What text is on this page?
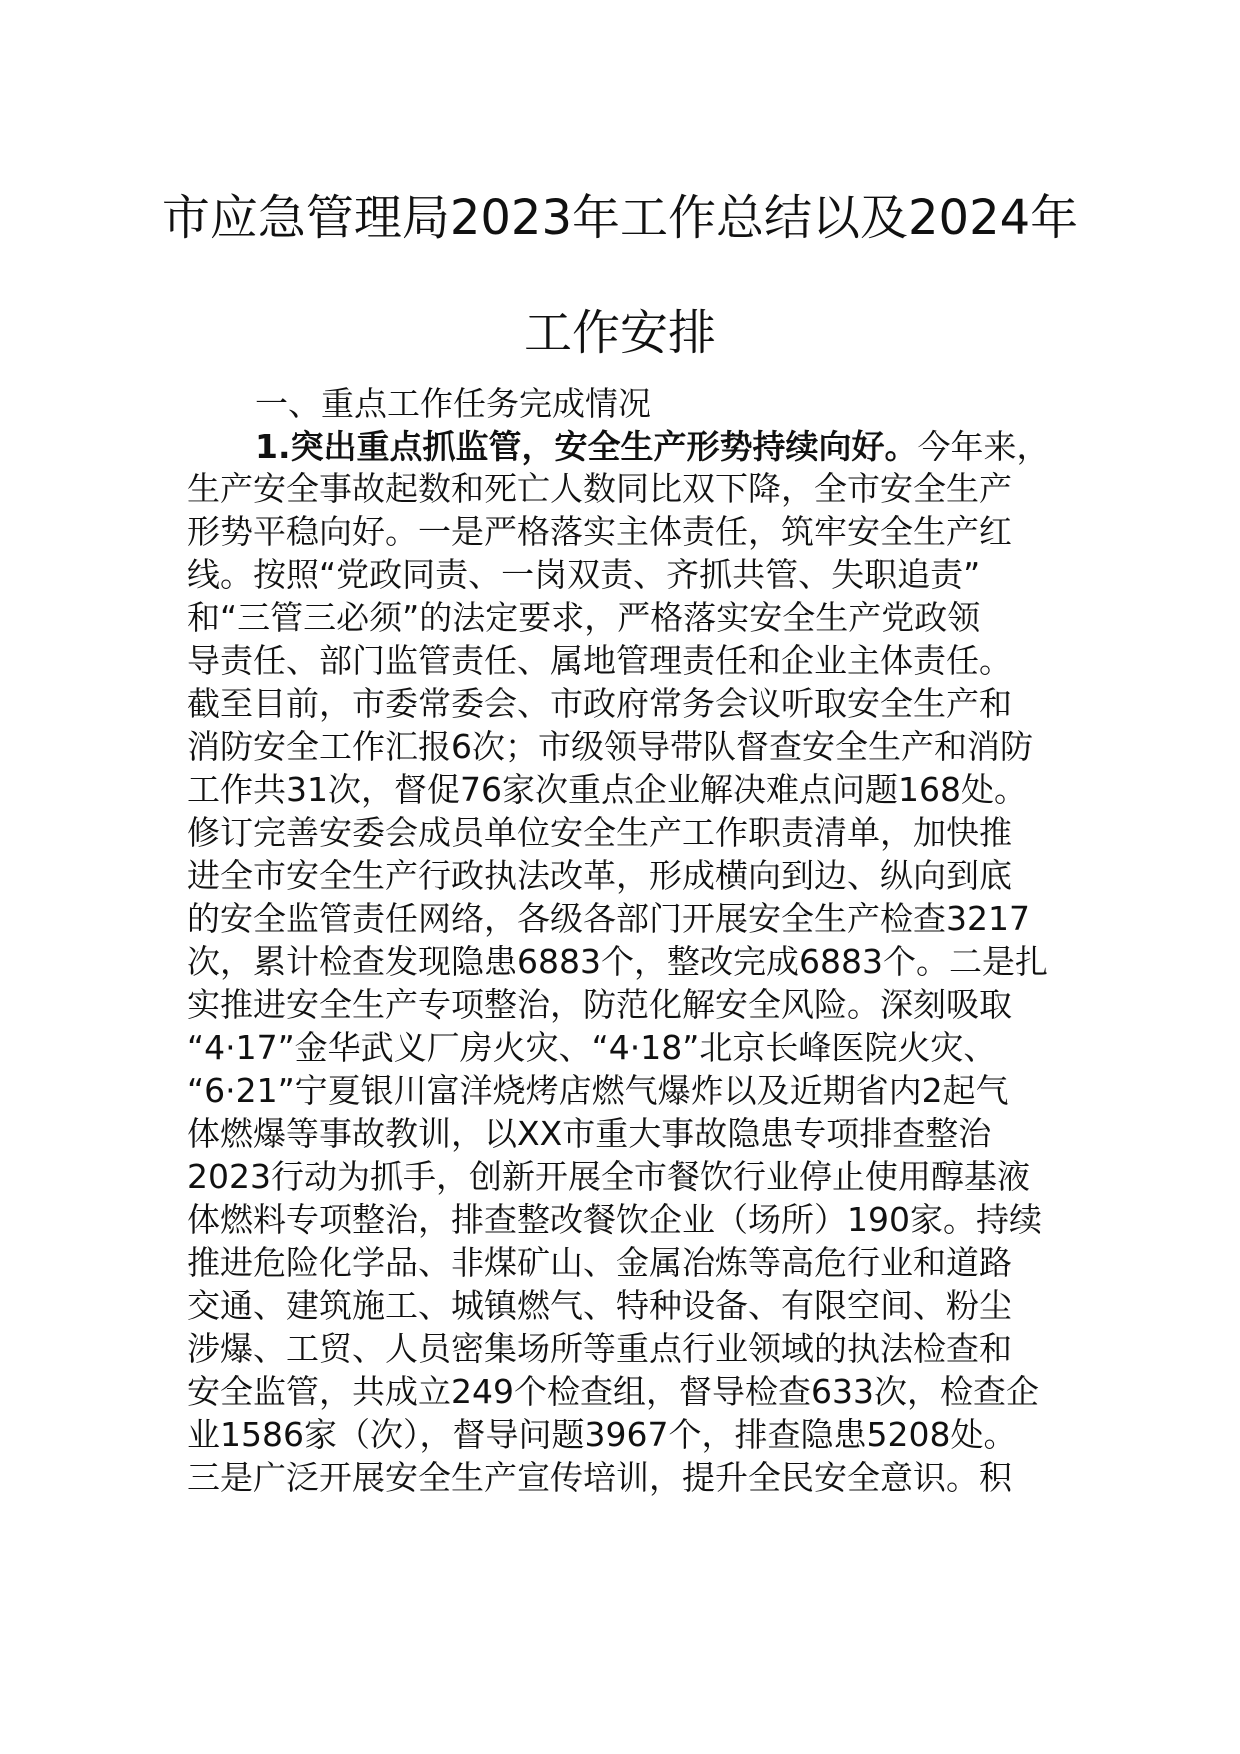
市应急管理局2023年工作总结以及2024年
工作安排
一、重点工作任务完成情况
1.突出重点抓监管，安全生产形势持续向好。今年来，
生产安全事故起数和死亡人数同比双下降，全市安全生产
形势平稳向好。一是严格落实主体责任，筑牢安全生产红
线。按照“党政同责、一岗双责、齐抓共管、失职追责”
和“三管三必须”的法定要求，严格落实安全生产党政领
导责任、部门监管责任、属地管理责任和企业主体责任。
截至目前，市委常委会、市政府常务会议听取安全生产和
消防安全工作汇报6次；市级领导带队督查安全生产和消防
工作共31次，督促76家次重点企业解决难点问题168处。
修订完善安委会成员单位安全生产工作职责清单，加快推
进全市安全生产行政执法改革，形成横向到边、纵向到底
的安全监管责任网络，各级各部门开展安全生产检查3217
次，累计检查发现隐患6883个，整改完成6883个。二是扎
实推进安全生产专项整治，防范化解安全风险。深刻吸取
“4·17”金华武义厂房火灾、“4·18”北京长峰医院火灾、
“6·21”宁夏银川富洋烧烤店燃气爆炸以及近期省内2起气
体燃爆等事故教训，以XX市重大事故隐患专项排查整治
2023行动为抓手，创新开展全市餐饮行业停止使用醇基液
体燃料专项整治，排查整改餐饮企业（场所）190家。持续
推进危险化学品、非煤矿山、金属冶炼等高危行业和道路
交通、建筑施工、城镇燃气、特种设备、有限空间、粉尘
涉爆、工贸、人员密集场所等重点行业领域的执法检查和
安全监管，共成立249个检查组，督导检查633次，检查企
业1586家（次），督导问题3967个，排查隐患5208处。
三是广泛开展安全生产宣传培训，提升全民安全意识。积
